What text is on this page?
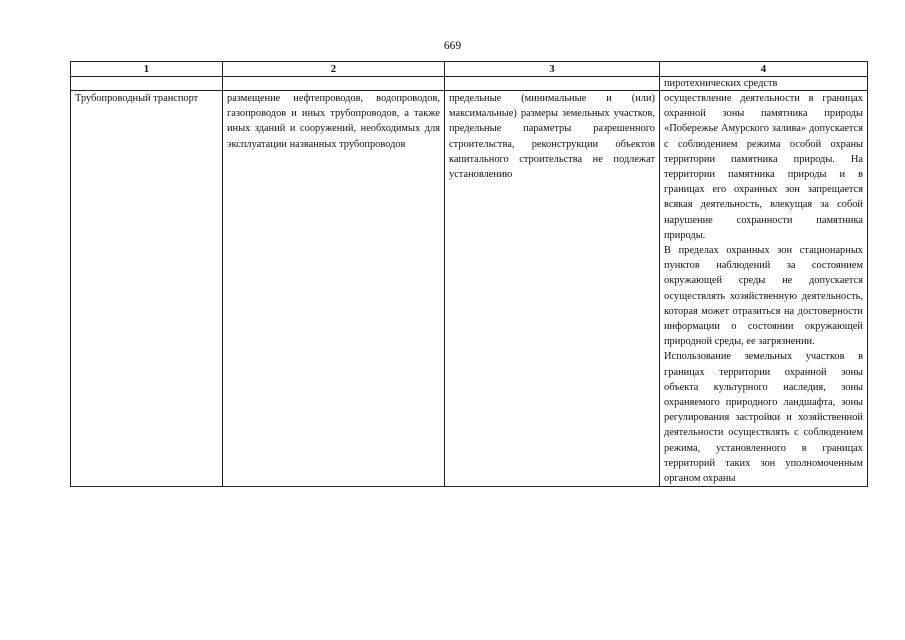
669
1	2	3	4
			пиротехнических средств
Трубопроводный транспорт	размещение нефтепроводов, водопроводов, газопроводов и иных трубопроводов, а также иных зданий и сооружений, необходимых для эксплуатации названных трубопроводов	предельные (минимальные и (или) максимальные) размеры земельных участков, предельные параметры разрешенного строительства, реконструкции объектов капитального строительства не подлежат установлению	осуществление деятельности в границах охранной зоны памятника природы «Побережье Амурского залива» допускается с соблюдением режима особой охраны территории памятника природы. На территории памятника природы и в границах его охранных зон запрещается всякая деятельность, влекущая за собой нарушение сохранности памятника природы.

В пределах охранных зон стационарных пунктов наблюдений за состоянием окружающей среды не допускается осуществлять хозяйственную деятельность, которая может отразиться на достоверности информации о состоянии окружающей природной среды, ее загрязнении.

Использование земельных участков в границах территории охранной зоны объекта культурного наследия, зоны охраняемого природного ландшафта, зоны регулирования застройки и хозяйственной деятельности осуществлять с соблюдением режима, установленного в границах территорий таких зон уполномоченным органом охраны
